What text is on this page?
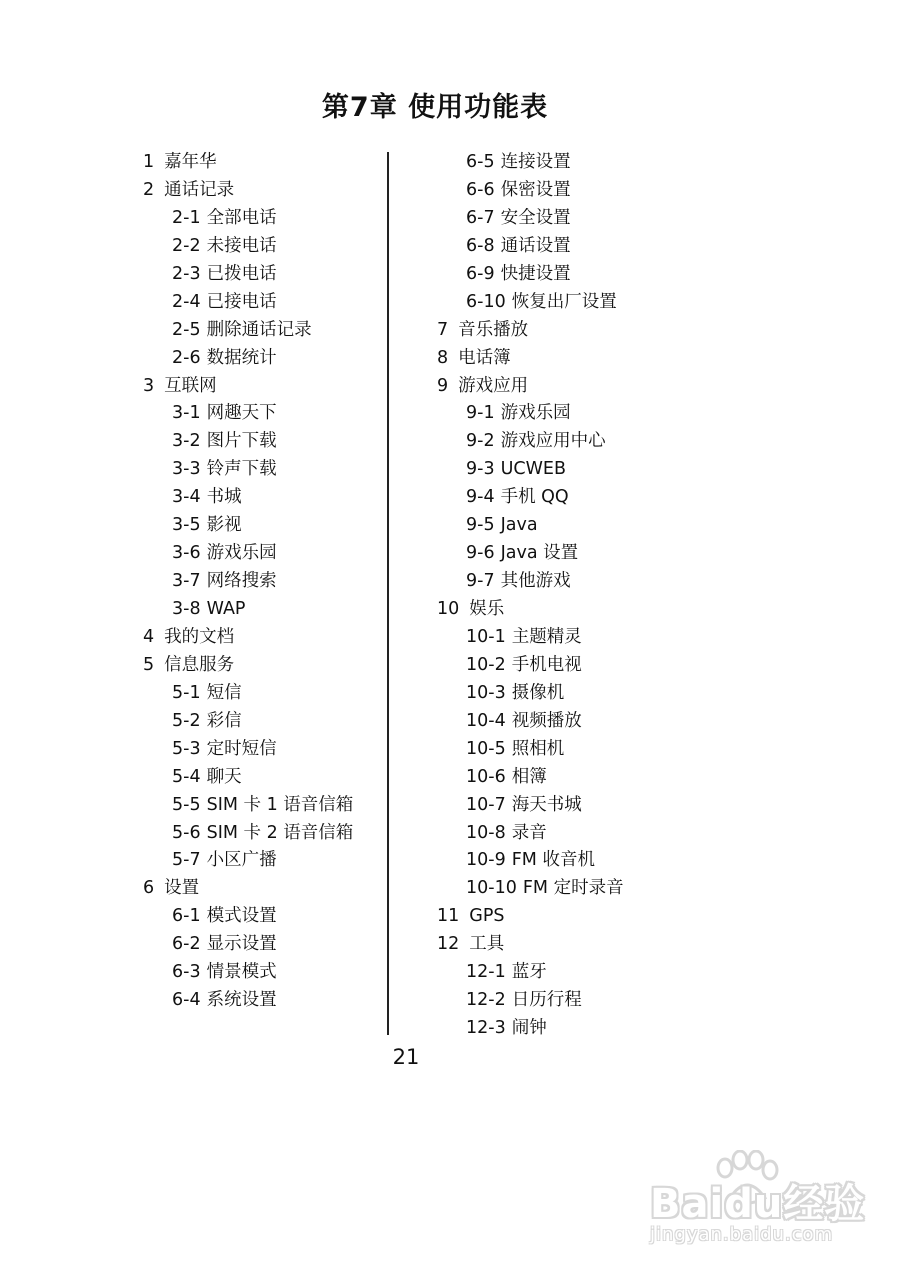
第7章 使用功能表
1 嘉年华
2 通话记录
2-1 全部电话
2-2 未接电话
2-3 已拨电话
2-4 已接电话
2-5 删除通话记录
2-6 数据统计
3 互联网
3-1 网趣天下
3-2 图片下载
3-3 铃声下载
3-4 书城
3-5 影视
3-6 游戏乐园
3-7 网络搜索
3-8 WAP
4 我的文档
5 信息服务
5-1 短信
5-2 彩信
5-3 定时短信
5-4 聊天
5-5 SIM 卡 1 语音信箱
5-6 SIM 卡 2 语音信箱
5-7 小区广播
6 设置
6-1 模式设置
6-2 显示设置
6-3 情景模式
6-4 系统设置
6-5 连接设置
6-6 保密设置
6-7 安全设置
6-8 通话设置
6-9 快捷设置
6-10 恢复出厂设置
7 音乐播放
8 电话簿
9 游戏应用
9-1 游戏乐园
9-2 游戏应用中心
9-3 UCWEB
9-4 手机 QQ
9-5 Java
9-6 Java 设置
9-7 其他游戏
10 娱乐
10-1 主题精灵
10-2 手机电视
10-3 摄像机
10-4 视频播放
10-5 照相机
10-6 相簿
10-7 海天书城
10-8 录音
10-9 FM 收音机
10-10 FM 定时录音
11 GPS
12 工具
12-1 蓝牙
12-2 日历行程
12-3 闹钟
21
Baidu经验
jingyan.baidu.com
